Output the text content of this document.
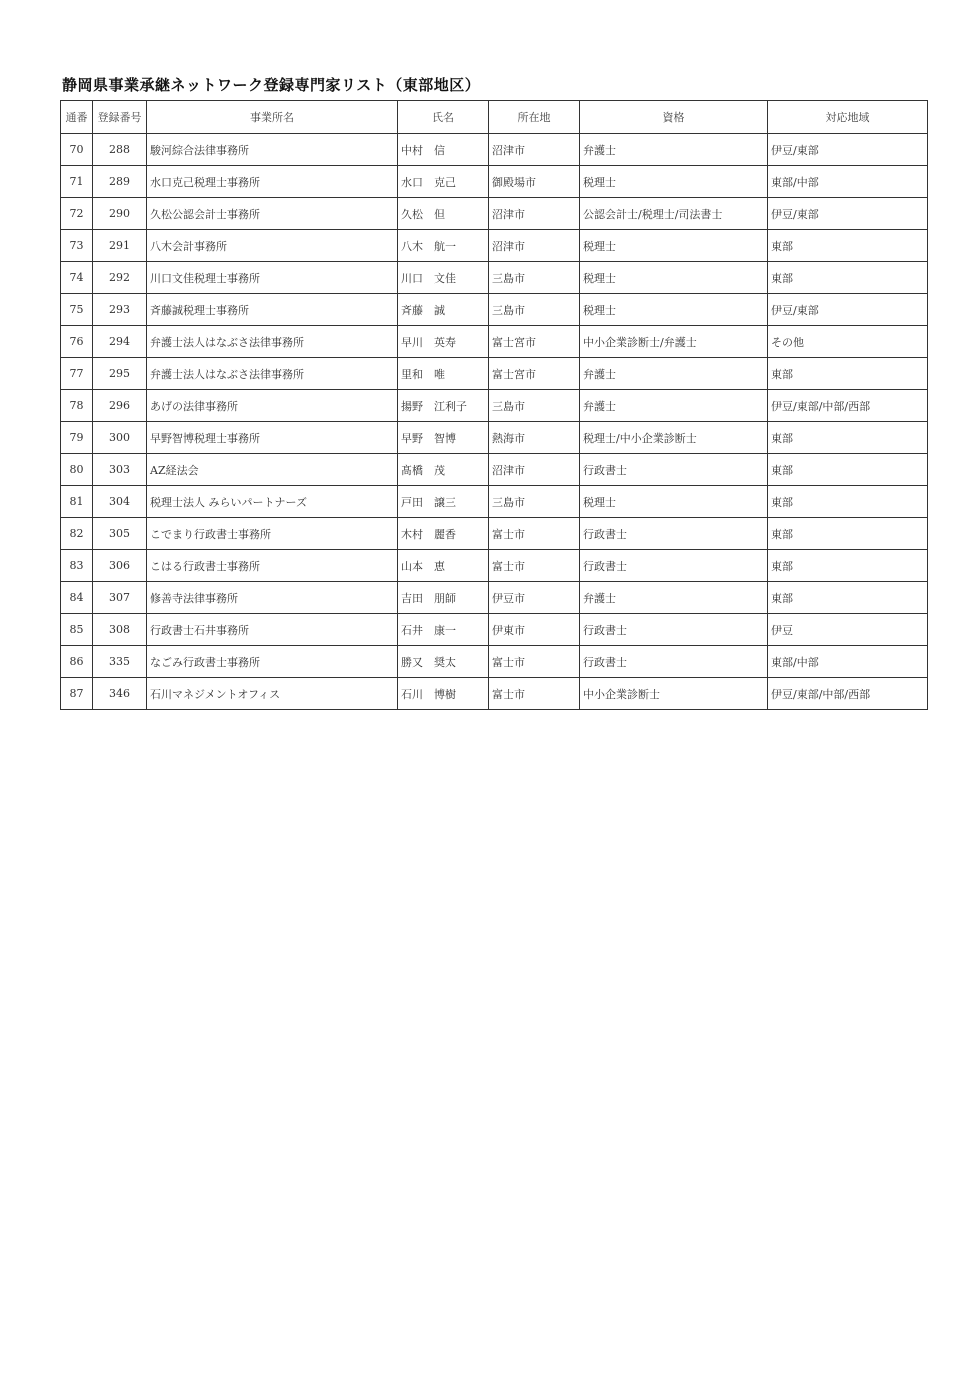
静岡県事業承継ネットワーク登録専門家リスト（東部地区）
通番	登録番号	事業所名	氏名	所在地	資格	対応地域
70	288	駿河綜合法律事務所	中村　信	沼津市	弁護士	伊豆/東部
71	289	水口克己税理士事務所	水口　克己	御殿場市	税理士	東部/中部
72	290	久松公認会計士事務所	久松　但	沼津市	公認会計士/税理士/司法書士	伊豆/東部
73	291	八木会計事務所	八木　航一	沼津市	税理士	東部
74	292	川口文佳税理士事務所	川口　文佳	三島市	税理士	東部
75	293	斉藤誠税理士事務所	斉藤　誠	三島市	税理士	伊豆/東部
76	294	弁護士法人はなぶさ法律事務所	早川　英寿	富士宮市	中小企業診断士/弁護士	その他
77	295	弁護士法人はなぶさ法律事務所	里和　唯	富士宮市	弁護士	東部
78	296	あげの法律事務所	揚野　江利子	三島市	弁護士	伊豆/東部/中部/西部
79	300	早野智博税理士事務所	早野　智博	熱海市	税理士/中小企業診断士	東部
80	303	AZ経法会	髙橋　茂	沼津市	行政書士	東部
81	304	税理士法人 みらいパートナーズ	戸田　譲三	三島市	税理士	東部
82	305	こでまり行政書士事務所	木村　麗香	富士市	行政書士	東部
83	306	こはる行政書士事務所	山本　恵	富士市	行政書士	東部
84	307	修善寺法律事務所	吉田　朋師	伊豆市	弁護士	東部
85	308	行政書士石井事務所	石井　康一	伊東市	行政書士	伊豆
86	335	なごみ行政書士事務所	勝又　奨太	富士市	行政書士	東部/中部
87	346	石川マネジメントオフィス	石川　博樹	富士市	中小企業診断士	伊豆/東部/中部/西部
